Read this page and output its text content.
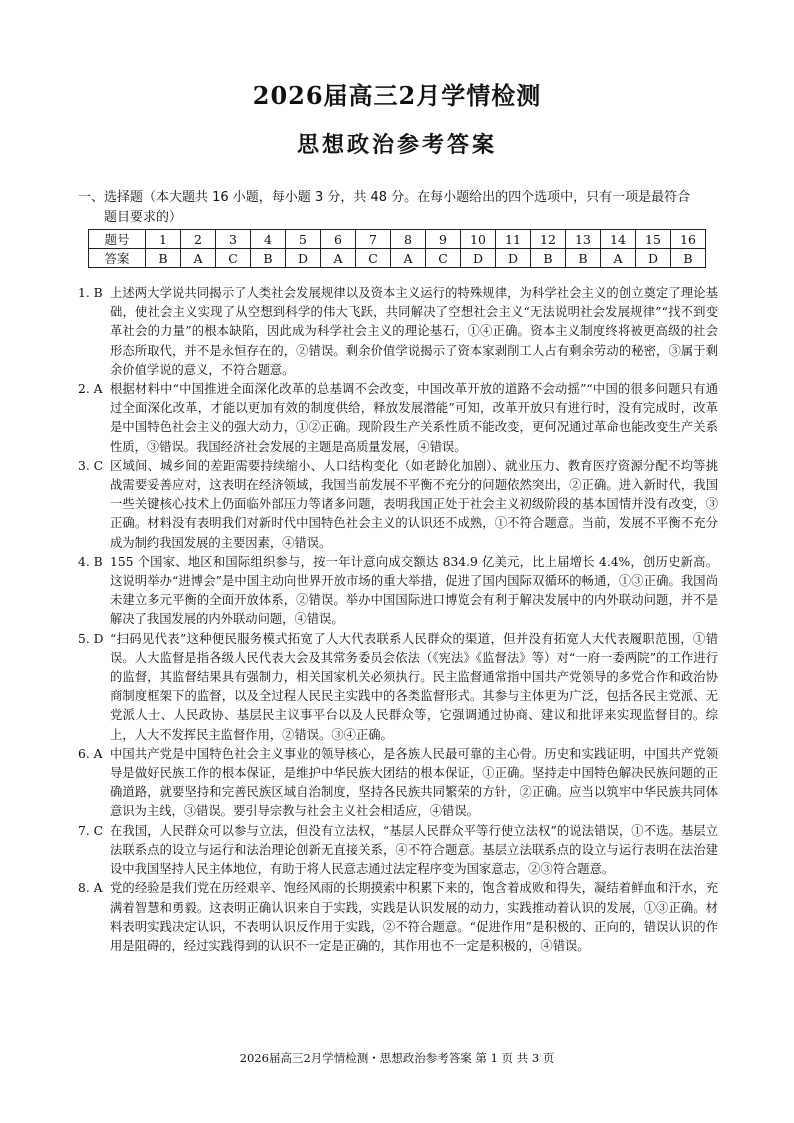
2026届高三2月学情检测
思想政治参考答案
一、选择题（本大题共 16 小题，每小题 3 分，共 48 分。在每小题给出的四个选项中，只有一项是最符合
题目要求的）
题号	1	2	3	4	5	6	7	8	9	10	11	12	13	14	15	16
答案	B	A	C	B	D	A	C	A	C	D	D	B	B	A	D	B
1. B 上述两大学说共同揭示了人类社会发展规律以及资本主义运行的特殊规律，为科学社会主义的创立奠定了理论基础，使社会主义实现了从空想到科学的伟大飞跃，共同解决了空想社会主义“无法说明社会发展规律”“找不到变革社会的力量”的根本缺陷，因此成为科学社会主义的理论基石，①④正确。资本主义制度终将被更高级的社会形态所取代，并不是永恒存在的，②错误。剩余价值学说揭示了资本家剥削工人占有剩余劳动的秘密，③属于剩余价值学说的意义，不符合题意。
2. A 根据材料中“中国推进全面深化改革的总基调不会改变，中国改革开放的道路不会动摇”“中国的很多问题只有通过全面深化改革，才能以更加有效的制度供给，释放发展潜能”可知，改革开放只有进行时，没有完成时，改革是中国特色社会主义的强大动力，①②正确。现阶段生产关系性质不能改变，更何况通过革命也能改变生产关系性质，③错误。我国经济社会发展的主题是高质量发展，④错误。
3. C 区域间、城乡间的差距需要持续缩小、人口结构变化（如老龄化加剧）、就业压力、教育医疗资源分配不均等挑战需要妥善应对，这表明在经济领域，我国当前发展不平衡不充分的问题依然突出，②正确。进入新时代，我国一些关键核心技术上仍面临外部压力等诸多问题，表明我国正处于社会主义初级阶段的基本国情并没有改变，③正确。材料没有表明我们对新时代中国特色社会主义的认识还不成熟，①不符合题意。当前，发展不平衡不充分成为制约我国发展的主要因素，④错误。
4. B 155 个国家、地区和国际组织参与，按一年计意向成交额达 834.9 亿美元，比上届增长 4.4%，创历史新高。这说明举办“进博会”是中国主动向世界开放市场的重大举措，促进了国内国际双循环的畅通，①③正确。我国尚未建立多元平衡的全面开放体系，②错误。举办中国国际进口博览会有利于解决发展中的内外联动问题，并不是解决了我国发展的内外联动问题，④错误。
5. D “扫码见代表”这种便民服务模式拓宽了人大代表联系人民群众的渠道，但并没有拓宽人大代表履职范围，①错误。人大监督是指各级人民代表大会及其常务委员会依法（《宪法》《监督法》等）对“一府一委两院”的工作进行的监督，其监督结果具有强制力，相关国家机关必须执行。民主监督通常指中国共产党领导的多党合作和政治协商制度框架下的监督，以及全过程人民民主实践中的各类监督形式。其参与主体更为广泛，包括各民主党派、无党派人士、人民政协、基层民主议事平台以及人民群众等，它强调通过协商、建议和批评来实现监督目的。综上，人大不发挥民主监督作用，②错误。③④正确。
6. A 中国共产党是中国特色社会主义事业的领导核心，是各族人民最可靠的主心骨。历史和实践证明，中国共产党领导是做好民族工作的根本保证，是维护中华民族大团结的根本保证，①正确。坚持走中国特色解决民族问题的正确道路，就要坚持和完善民族区域自治制度，坚持各民族共同繁荣的方针，②正确。应当以筑牢中华民族共同体意识为主线，③错误。要引导宗教与社会主义社会相适应，④错误。
7. C 在我国，人民群众可以参与立法，但没有立法权，“基层人民群众平等行使立法权”的说法错误，①不选。基层立法联系点的设立与运行和法治理论创新无直接关系，④不符合题意。基层立法联系点的设立与运行表明在法治建设中我国坚持人民主体地位，有助于将人民意志通过法定程序变为国家意志，②③符合题意。
8. A 党的经验是我们党在历经艰辛、饱经风雨的长期摸索中积累下来的，饱含着成败和得失，凝结着鲜血和汗水，充满着智慧和勇毅。这表明正确认识来自于实践，实践是认识发展的动力，实践推动着认识的发展，①③正确。材料表明实践决定认识，不表明认识反作用于实践，②不符合题意。“促进作用”是积极的、正向的，错误认识的作用是阻碍的，经过实践得到的认识不一定是正确的，其作用也不一定是积极的，④错误。
2026届高三2月学情检测・思想政治参考答案 第 1 页 共 3 页
